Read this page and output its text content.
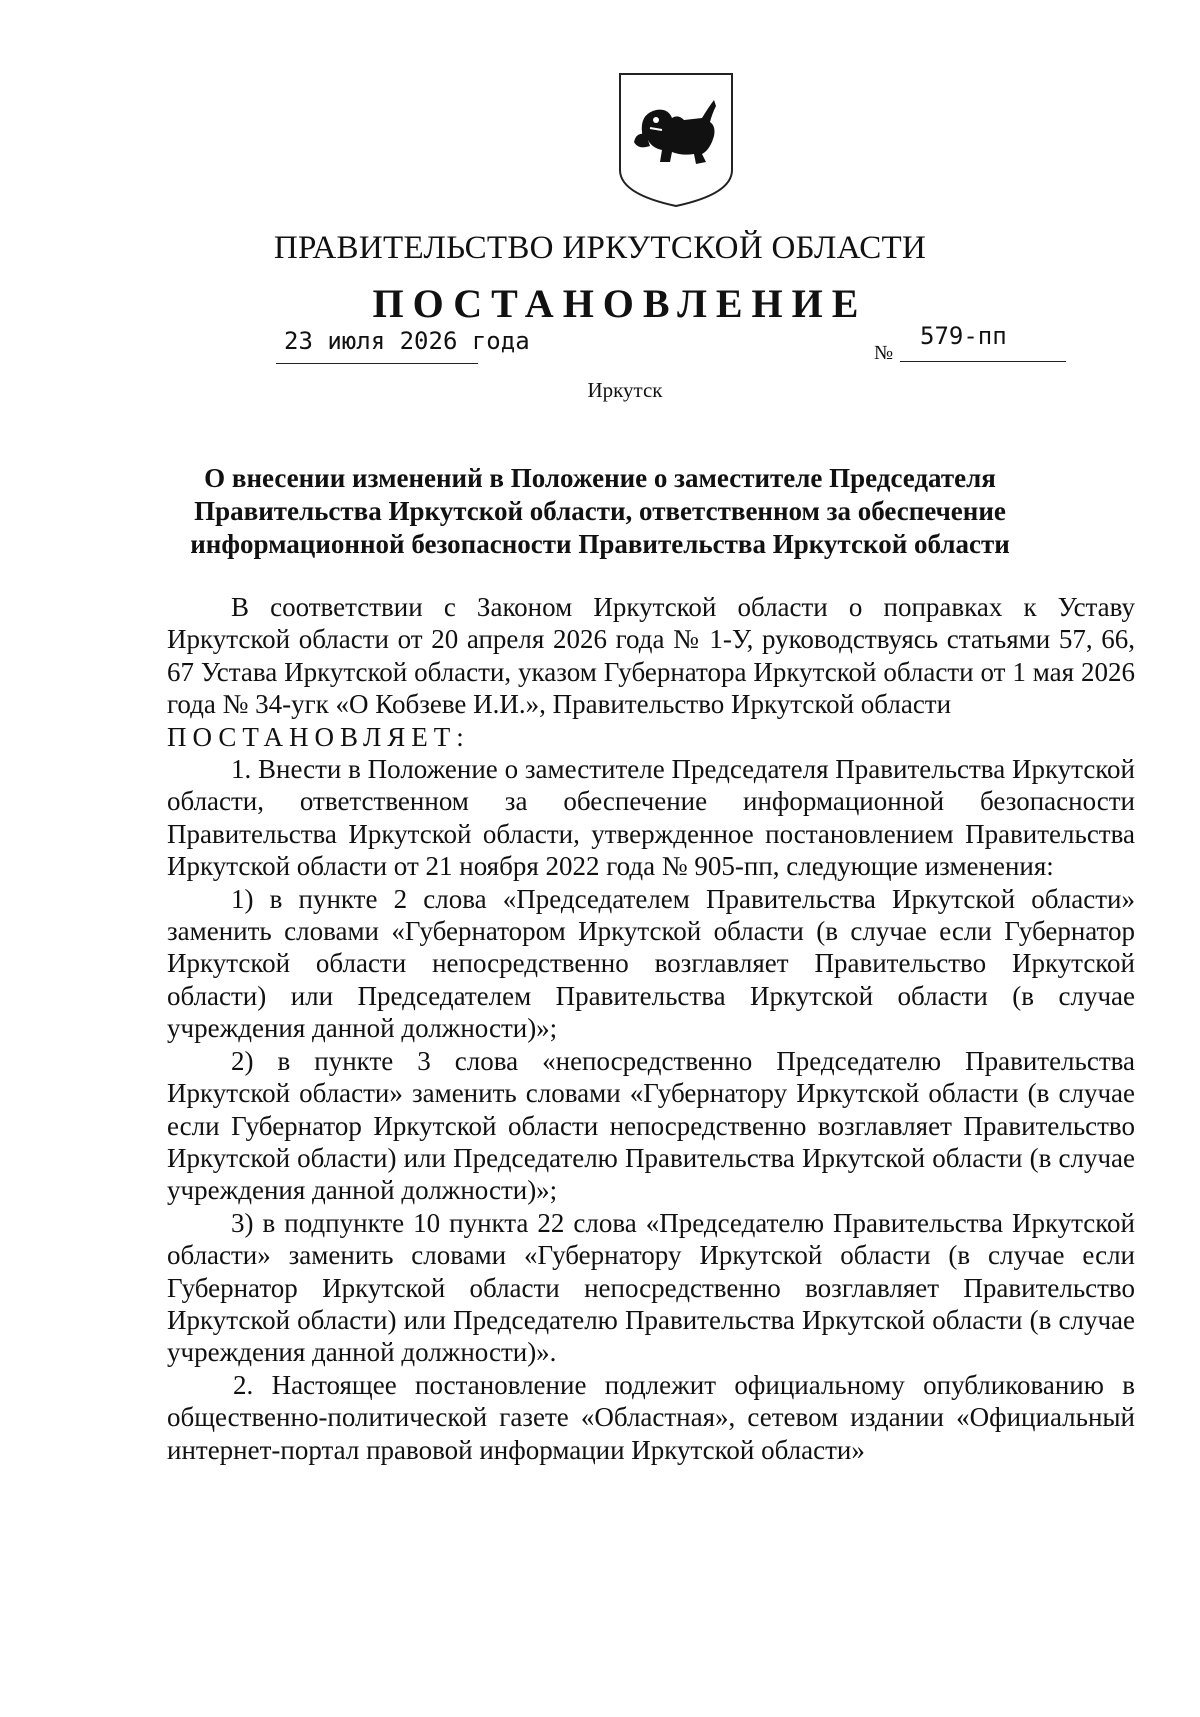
ПРАВИТЕЛЬСТВО ИРКУТСКОЙ ОБЛАСТИ
ПОСТАНОВЛЕНИЕ
23 июля 2026 года	№
579-пп
Иркутск
О внесении изменений в Положение о заместителе Председателя Правительства Иркутской области, ответственном за обеспечение информационной безопасности Правительства Иркутской области

В соответствии с Законом Иркутской области о поправках к Уставу Иркутской области от 20 апреля 2026 года № 1-У, руководствуясь статьями 57, 66, 67 Устава Иркутской области, указом Губернатора Иркутской области от 1 мая 2026 года № 34-угк «О Кобзеве И.И.», Правительство Иркутской области

ПОСТАНОВЛЯЕТ:

1. Внести в Положение о заместителе Председателя Правительства Иркутской области, ответственном за обеспечение информационной безопасности Правительства Иркутской области, утвержденное постановлением Правительства Иркутской области от 21 ноября 2022 года № 905-пп, следующие изменения:

1) в пункте 2 слова «Председателем Правительства Иркутской области» заменить словами «Губернатором Иркутской области (в случае если Губернатор Иркутской области непосредственно возглавляет Правительство Иркутской области) или Председателем Правительства Иркутской области (в случае учреждения данной должности)»;

2) в пункте 3 слова «непосредственно Председателю Правительства Иркутской области» заменить словами «Губернатору Иркутской области (в случае если Губернатор Иркутской области непосредственно возглавляет Правительство Иркутской области) или Председателю Правительства Иркутской области (в случае учреждения данной должности)»;

3) в подпункте 10 пункта 22 слова «Председателю Правительства Иркутской области» заменить словами «Губернатору Иркутской области (в случае если Губернатор Иркутской области непосредственно возглавляет Правительство Иркутской области) или Председателю Правительства Иркутской области (в случае учреждения данной должности)».

2. Настоящее постановление подлежит официальному опубликованию в общественно-политической газете «Областная», сетевом издании «Официальный интернет-портал правовой информации Иркутской области»
